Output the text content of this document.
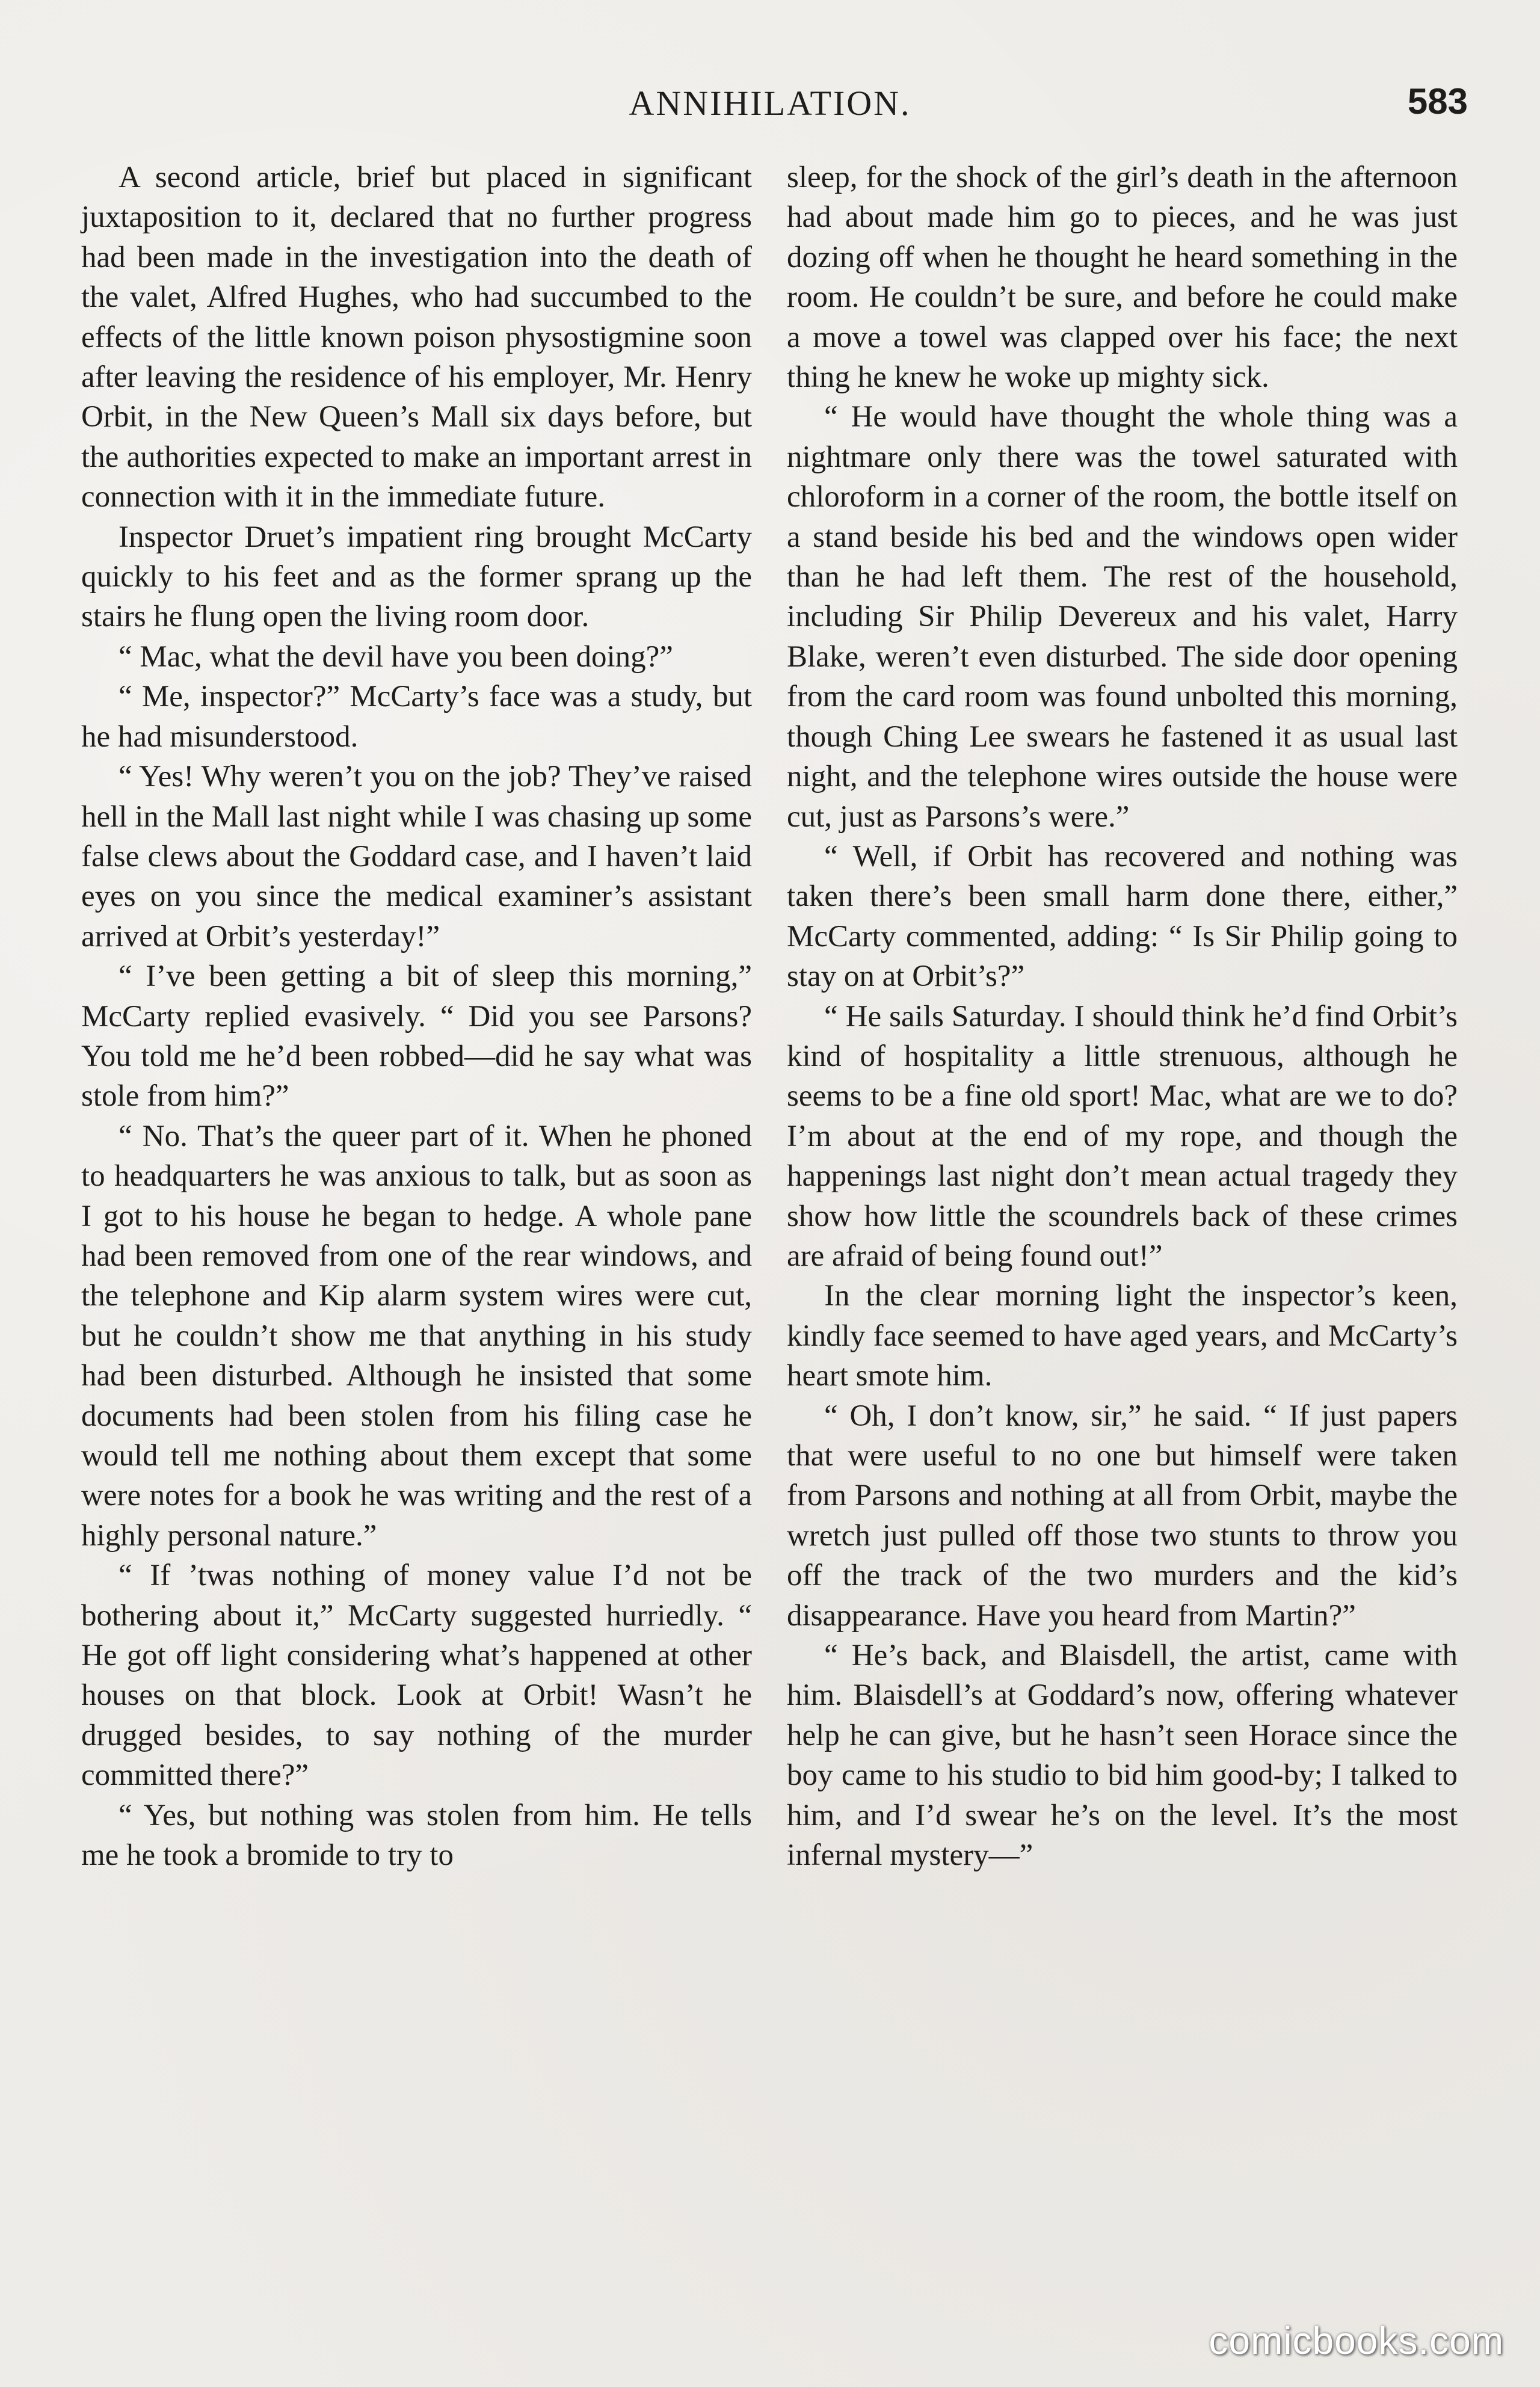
ANNIHILATION.	583

A second article, brief but placed in significant juxtaposition to it, declared that no further progress had been made in the investigation into the death of the valet, Alfred Hughes, who had succumbed to the effects of the little known poison physostigmine soon after leaving the residence of his employer, Mr. Henry Orbit, in the New Queen’s Mall six days before, but the authorities expected to make an important arrest in connection with it in the immediate future.

Inspector Druet’s impatient ring brought McCarty quickly to his feet and as the former sprang up the stairs he flung open the living room door.

“ Mac, what the devil have you been doing?”

“ Me, inspector?” McCarty’s face was a study, but he had misunderstood.

“ Yes! Why weren’t you on the job? They’ve raised hell in the Mall last night while I was chasing up some false clews about the Goddard case, and I haven’t laid eyes on you since the medical examiner’s assistant arrived at Orbit’s yesterday!”

“ I’ve been getting a bit of sleep this morning,” McCarty replied evasively. “ Did you see Parsons? You told me he’d been robbed—did he say what was stole from him?”

“ No. That’s the queer part of it. When he phoned to headquarters he was anxious to talk, but as soon as I got to his house he began to hedge. A whole pane had been removed from one of the rear windows, and the telephone and Kip alarm system wires were cut, but he couldn’t show me that anything in his study had been disturbed. Although he insisted that some documents had been stolen from his filing case he would tell me nothing about them except that some were notes for a book he was writing and the rest of a highly personal nature.”

“ If ’twas nothing of money value I’d not be bothering about it,” McCarty suggested hurriedly. “ He got off light considering what’s happened at other houses on that block. Look at Orbit! Wasn’t he drugged besides, to say nothing of the murder committed there?”

“ Yes, but nothing was stolen from him. He tells me he took a bromide to try to

sleep, for the shock of the girl’s death in the afternoon had about made him go to pieces, and he was just dozing off when he thought he heard something in the room. He couldn’t be sure, and before he could make a move a towel was clapped over his face; the next thing he knew he woke up mighty sick.

“ He would have thought the whole thing was a nightmare only there was the towel saturated with chloroform in a corner of the room, the bottle itself on a stand beside his bed and the windows open wider than he had left them. The rest of the household, including Sir Philip Devereux and his valet, Harry Blake, weren’t even disturbed. The side door opening from the card room was found unbolted this morning, though Ching Lee swears he fastened it as usual last night, and the telephone wires outside the house were cut, just as Parsons’s were.”

“ Well, if Orbit has recovered and nothing was taken there’s been small harm done there, either,” McCarty commented, adding: “ Is Sir Philip going to stay on at Orbit’s?”

“ He sails Saturday. I should think he’d find Orbit’s kind of hospitality a little strenuous, although he seems to be a fine old sport! Mac, what are we to do? I’m about at the end of my rope, and though the happenings last night don’t mean actual tragedy they show how little the scoundrels back of these crimes are afraid of being found out!”

In the clear morning light the inspector’s keen, kindly face seemed to have aged years, and McCarty’s heart smote him.

“ Oh, I don’t know, sir,” he said. “ If just papers that were useful to no one but himself were taken from Parsons and nothing at all from Orbit, maybe the wretch just pulled off those two stunts to throw you off the track of the two murders and the kid’s disappearance. Have you heard from Martin?”

“ He’s back, and Blaisdell, the artist, came with him. Blaisdell’s at Goddard’s now, offering whatever help he can give, but he hasn’t seen Horace since the boy came to his studio to bid him good-by; I talked to him, and I’d swear he’s on the level. It’s the most infernal mystery—”

comicbooks.com
